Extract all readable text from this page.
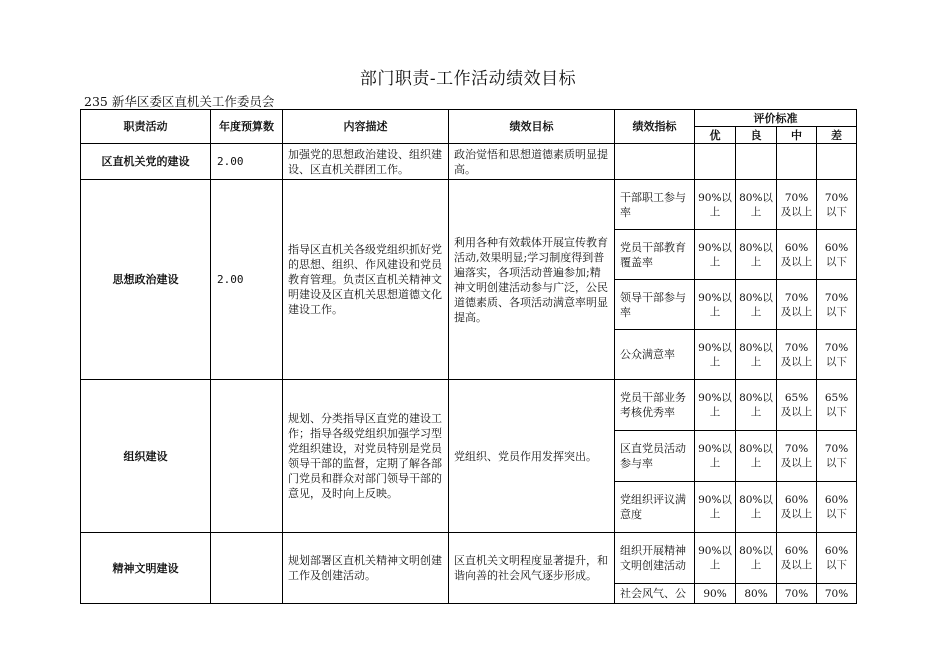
部门职责-工作活动绩效目标
235 新华区委区直机关工作委员会
职责活动	年度预算数	内容描述	绩效目标	绩效指标	评价标准			
					优	良	中	差
区直机关党的建设	2.00	加强党的思想政治建设、组织建设、区直机关群团工作。	政治觉悟和思想道德素质明显提高。					
思想政治建设	2.00	指导区直机关各级党组织抓好党的思想、组织、作风建设和党员教育管理。负责区直机关精神文明建设及区直机关思想道德文化建设工作。	利用各种有效载体开展宣传教育活动,效果明显;学习制度得到普遍落实，各项活动普遍参加;精神文明创建活动参与广泛，公民道德素质、各项活动满意率明显提高。	干部职工参与率	90%以上	80%以上	70%及以上	70%以下
				党员干部教育覆盖率	90%以上	80%以上	60%及以上	60%以下
				领导干部参与率	90%以上	80%以上	70%及以上	70%以下
				公众满意率	90%以上	80%以上	70%及以上	70%以下
组织建设		规划、分类指导区直党的建设工作；指导各级党组织加强学习型党组织建设，对党员特别是党员领导干部的监督，定期了解各部门党员和群众对部门领导干部的意见，及时向上反映。	党组织、党员作用发挥突出。	党员干部业务考核优秀率	90%以上	80%以上	65%及以上	65%以下
				区直党员活动参与率	90%以上	80%以上	70%及以上	70%以下
				党组织评议满意度	90%以上	80%以上	60%及以上	60%以下
精神文明建设		规划部署区直机关精神文明创建工作及创建活动。	区直机关文明程度显著提升，和谐向善的社会风气逐步形成。	组织开展精神文明创建活动	90%以上	80%以上	60%及以上	60%以下
				社会风气、公	90%	80%	70%	70%
